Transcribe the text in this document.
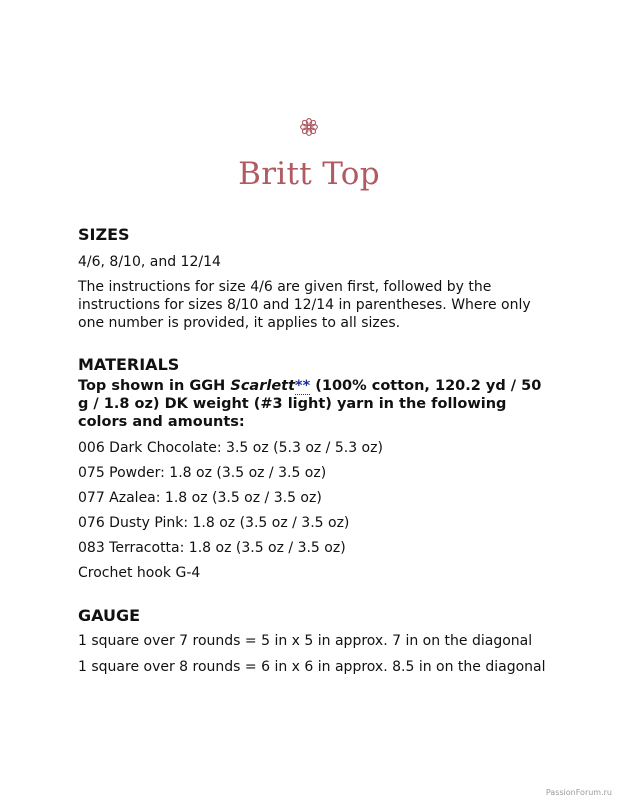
Britt Top
SIZES

4/6, 8/10, and 12/14

The instructions for size 4/6 are given first, followed by the instructions for sizes 8/10 and 12/14 in parentheses. Where only one number is provided, it applies to all sizes.

MATERIALS

Top shown in GGH Scarlett** (100% cotton, 120.2 yd / 50 g / 1.8 oz) DK weight (#3 light) yarn in the following colors and amounts:

006 Dark Chocolate: 3.5 oz (5.3 oz / 5.3 oz)

075 Powder: 1.8 oz (3.5 oz / 3.5 oz)

077 Azalea: 1.8 oz (3.5 oz / 3.5 oz)

076 Dusty Pink: 1.8 oz (3.5 oz / 3.5 oz)

083 Terracotta: 1.8 oz (3.5 oz / 3.5 oz)

Crochet hook G-4

GAUGE

1 square over 7 rounds = 5 in x 5 in approx. 7 in on the diagonal

1 square over 8 rounds = 6 in x 6 in approx. 8.5 in on the diagonal

PassionForum.ru
